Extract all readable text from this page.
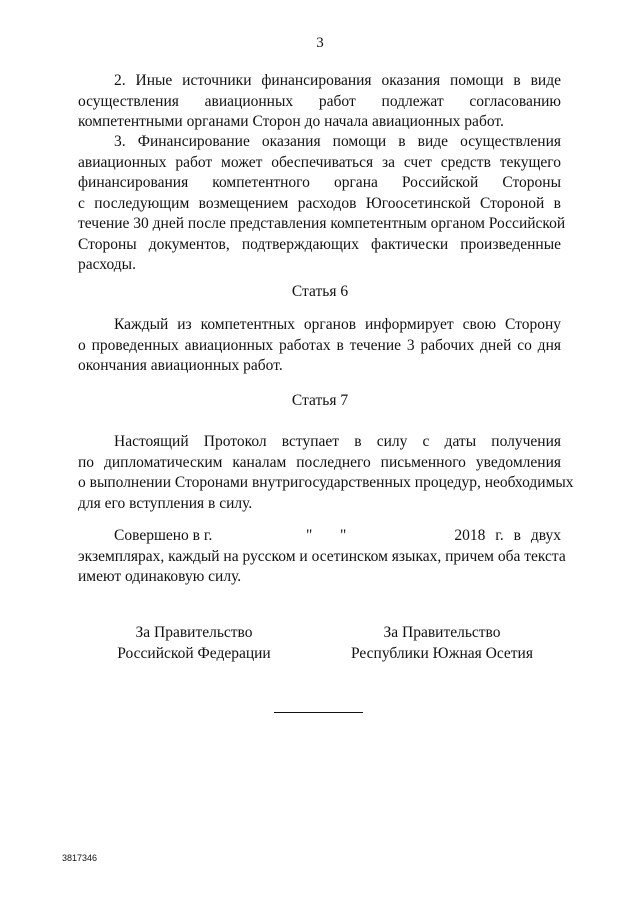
3
2. Иные источники финансирования оказания помощи в виде
осуществления авиационных работ подлежат согласованию
компетентными органами Сторон до начала авиационных работ.
3. Финансирование оказания помощи в виде осуществления
авиационных работ может обеспечиваться за счет средств текущего
финансирования компетентного органа Российской Стороны
с последующим возмещением расходов Югоосетинской Стороной в
течение 30 дней после представления компетентным органом Российской
Стороны документов, подтверждающих фактически произведенные
расходы.
Статья 6
Каждый из компетентных органов информирует свою Сторону
о проведенных авиационных работах в течение 3 рабочих дней со дня
окончания авиационных работ.
Статья 7
Настоящий Протокол вступает в силу с даты получения
по дипломатическим каналам последнего письменного уведомления
о выполнении Сторонами внутригосударственных процедур, необходимых
для его вступления в силу.
Совершено в г.	" "	2018 г. в двух
экземплярах, каждый на русском и осетинском языках, причем оба текста
имеют одинаковую силу.
За Правительство
Российской Федерации
За Правительство
Республики Южная Осетия
3817346
